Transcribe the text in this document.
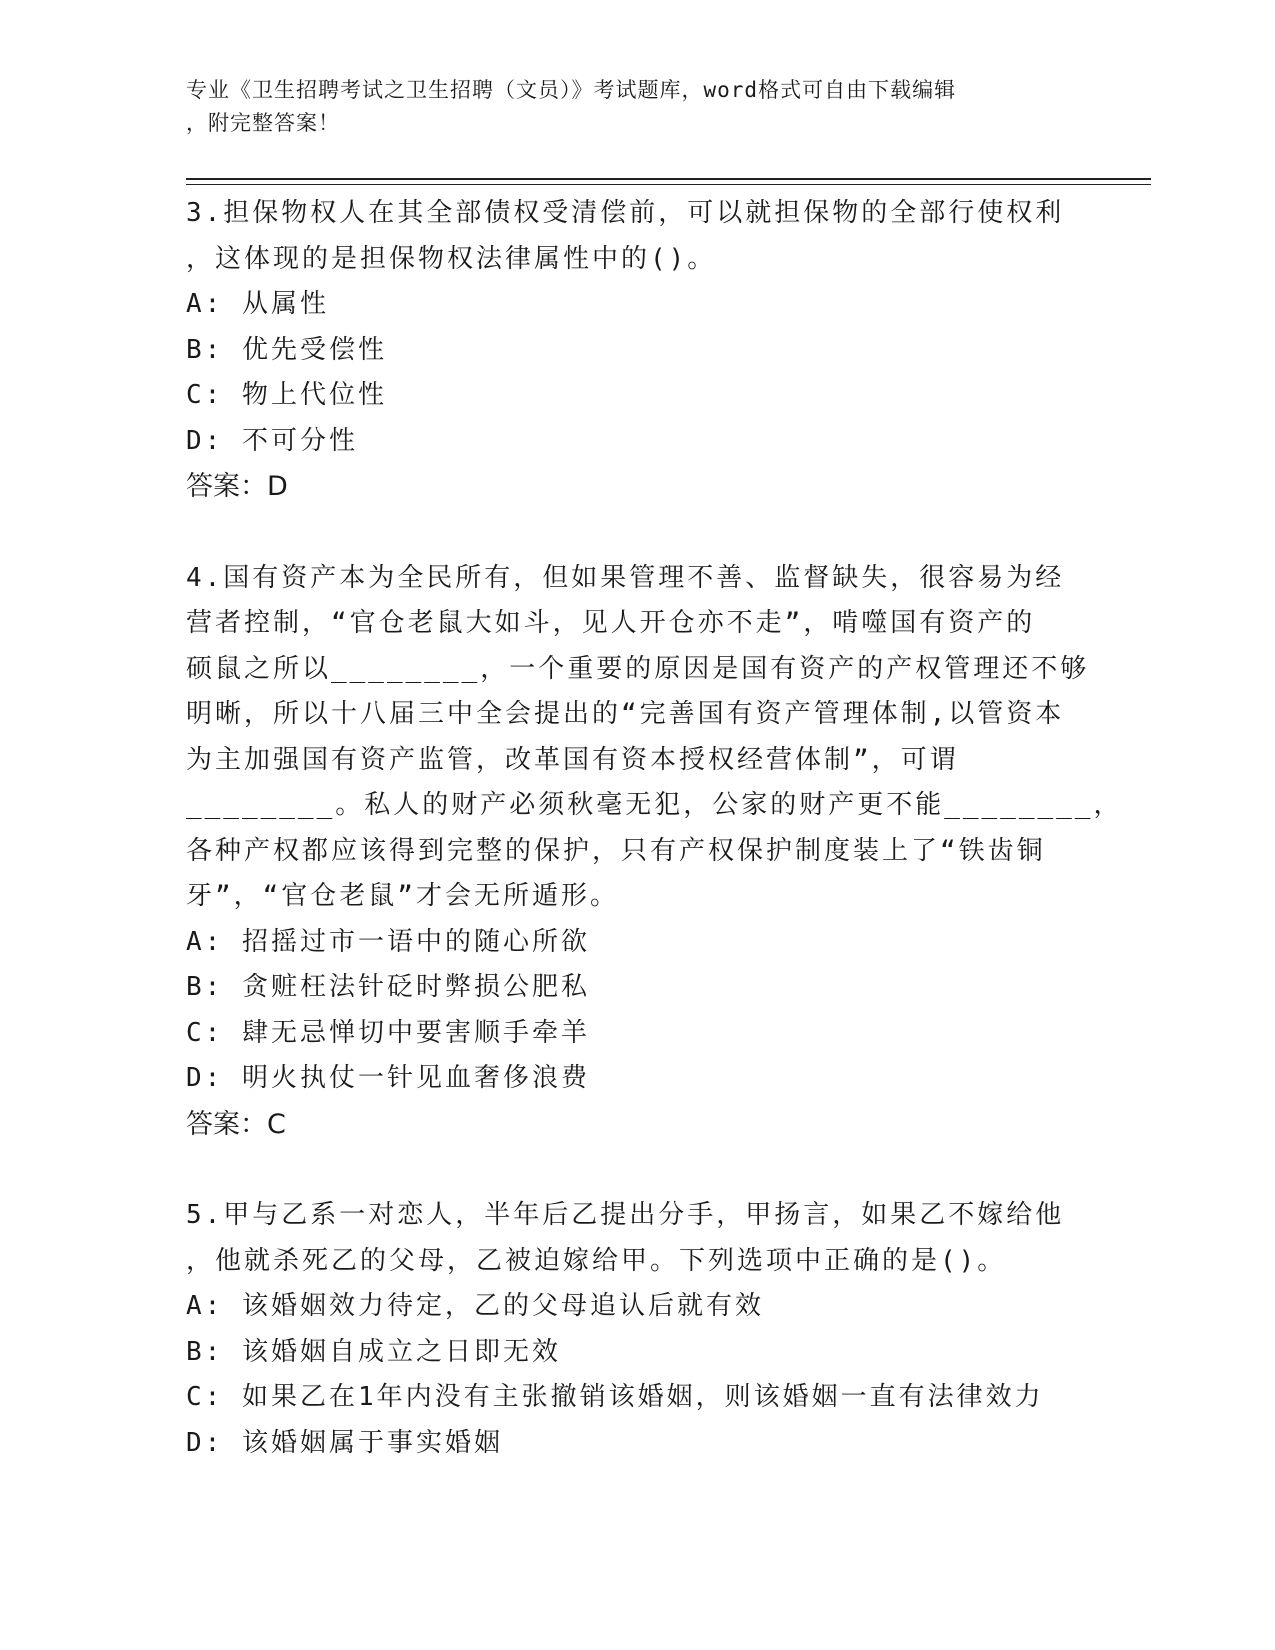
专业《卫生招聘考试之卫生招聘（文员）》考试题库，word格式可自由下载编辑
，附完整答案！
3.担保物权人在其全部债权受清偿前，可以就担保物的全部行使权利
，这体现的是担保物权法律属性中的()。
A: 从属性
B: 优先受偿性
C: 物上代位性
D: 不可分性
答案：D
4.国有资产本为全民所有，但如果管理不善、监督缺失，很容易为经
营者控制，“官仓老鼠大如斗，见人开仓亦不走”，啃噬国有资产的
硕鼠之所以________，一个重要的原因是国有资产的产权管理还不够
明晰，所以十八届三中全会提出的“完善国有资产管理体制,以管资本
为主加强国有资产监管，改革国有资本授权经营体制”，可谓
________。私人的财产必须秋毫无犯，公家的财产更不能________，
各种产权都应该得到完整的保护，只有产权保护制度装上了“铁齿铜
牙”，“官仓老鼠”才会无所遁形。
A: 招摇过市一语中的随心所欲
B: 贪赃枉法针砭时弊损公肥私
C: 肆无忌惮切中要害顺手牵羊
D: 明火执仗一针见血奢侈浪费
答案：C
5.甲与乙系一对恋人，半年后乙提出分手，甲扬言，如果乙不嫁给他
，他就杀死乙的父母，乙被迫嫁给甲。下列选项中正确的是()。
A: 该婚姻效力待定，乙的父母追认后就有效
B: 该婚姻自成立之日即无效
C: 如果乙在1年内没有主张撤销该婚姻，则该婚姻一直有法律效力
D: 该婚姻属于事实婚姻
